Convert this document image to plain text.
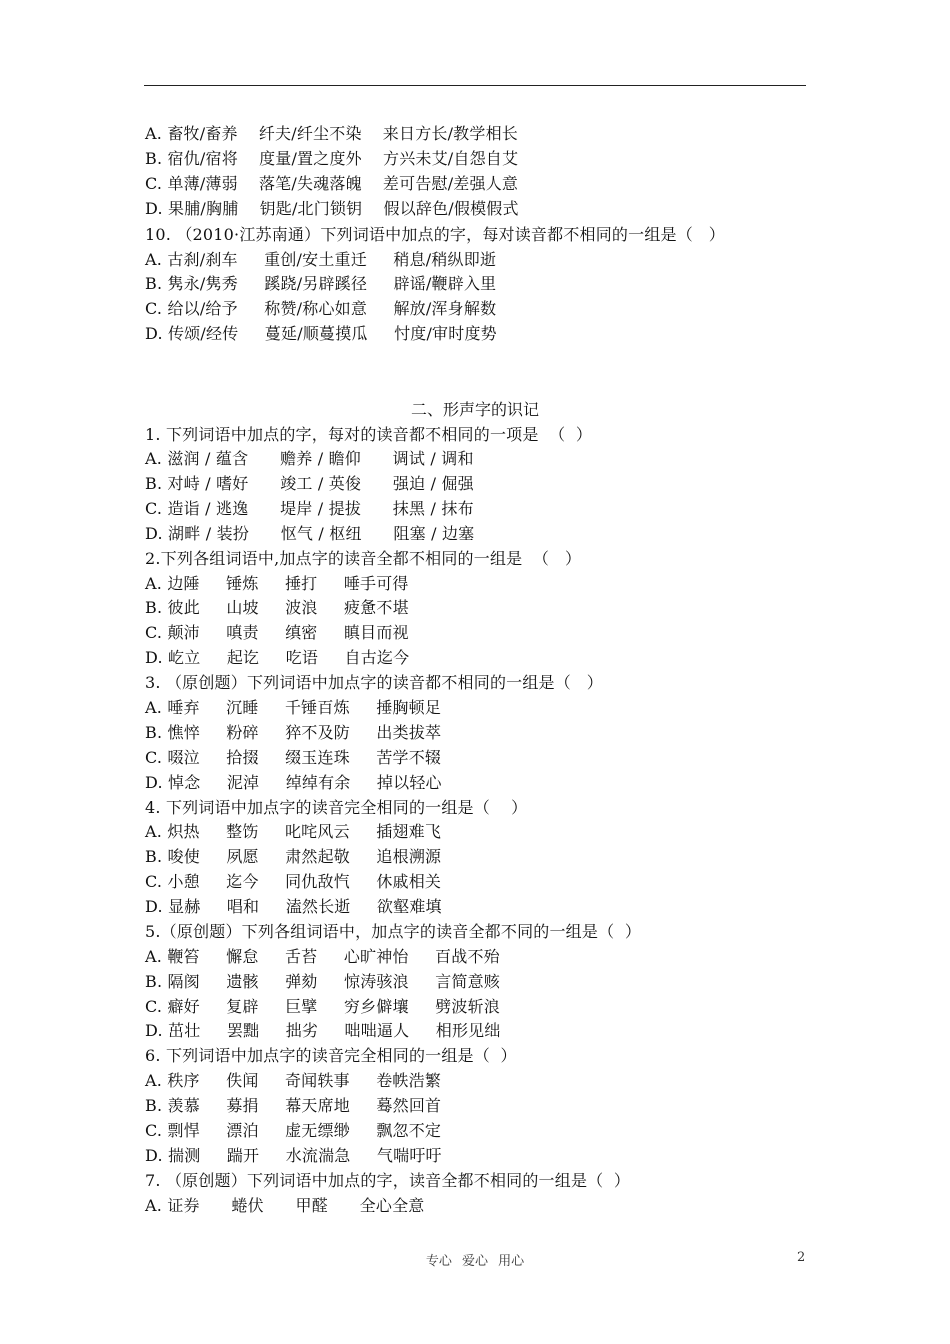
A. 畜牧/畜养    纤夫/纤尘不染    来日方长/教学相长
B. 宿仇/宿将    度量/置之度外    方兴未艾/自怨自艾
C. 单薄/薄弱    落笔/失魂落魄    差可告慰/差强人意
D. 果脯/胸脯    钥匙/北门锁钥    假以辞色/假模假式
10. （2010·江苏南通）下列词语中加点的字，每对读音都不相同的一组是（   ）
A. 古刹/刹车     重创/安土重迁     稍息/稍纵即逝
B. 隽永/隽秀     蹊跷/另辟蹊径     辟谣/鞭辟入里
C. 给以/给予     称赞/称心如意     解放/浑身解数
D. 传颂/经传     蔓延/顺蔓摸瓜     忖度/审时度势
二、形声字的识记
1. 下列词语中加点的字，每对的读音都不相同的一项是  （  ）
A. 滋润 / 蕴含      赡养 / 瞻仰      调试 / 调和
B. 对峙 / 嗜好      竣工 / 英俊      强迫 / 倔强
C. 造诣 / 逃逸      堤岸 / 提拔      抹黑 / 抹布
D. 湖畔 / 装扮      怄气 / 枢纽      阻塞 / 边塞
2.下列各组词语中,加点字的读音全都不相同的一组是  （   ）
A. 边陲     锤炼     捶打     唾手可得
B. 彼此     山坡     波浪     疲惫不堪
C. 颠沛     嗔责     缜密     瞋目而视
D. 屹立     起讫     吃语     自古迄今
3. （原创题）下列词语中加点字的读音都不相同的一组是（   ）
A. 唾弃     沉睡     千锤百炼     捶胸顿足
B. 憔悴     粉碎     猝不及防     出类拔萃
C. 啜泣     拾掇     缀玉连珠     苦学不辍
D. 悼念     泥淖     绰绰有余     掉以轻心
4. 下列词语中加点字的读音完全相同的一组是（    ）
A. 炽热     整饬     叱咤风云     插翅难飞
B. 唆使     夙愿     肃然起敬     追根溯源
C. 小憩     迄今     同仇敌忾     休戚相关
D. 显赫     唱和     溘然长逝     欲壑难填
5.（原创题）下列各组词语中，加点字的读音全都不同的一组是（  ）
A. 鞭笞     懈怠     舌苔     心旷神怡     百战不殆
B. 隔阂     遗骸     弹劾     惊涛骇浪     言简意赅
C. 癖好     复辟     巨擘     穷乡僻壤     劈波斩浪
D. 茁壮     罢黜     拙劣     咄咄逼人     相形见绌
6. 下列词语中加点字的读音完全相同的一组是（  ）
A. 秩序     佚闻     奇闻轶事     卷帙浩繁
B. 羡慕     募捐     幕天席地     蓦然回首
C. 剽悍     漂泊     虚无缥缈     飘忽不定
D. 揣测     踹开     水流湍急     气喘吁吁
7. （原创题）下列词语中加点的字，读音全都不相同的一组是（  ）
A. 证券      蜷伏      甲醛      全心全意
专心 爱心 用心	2
